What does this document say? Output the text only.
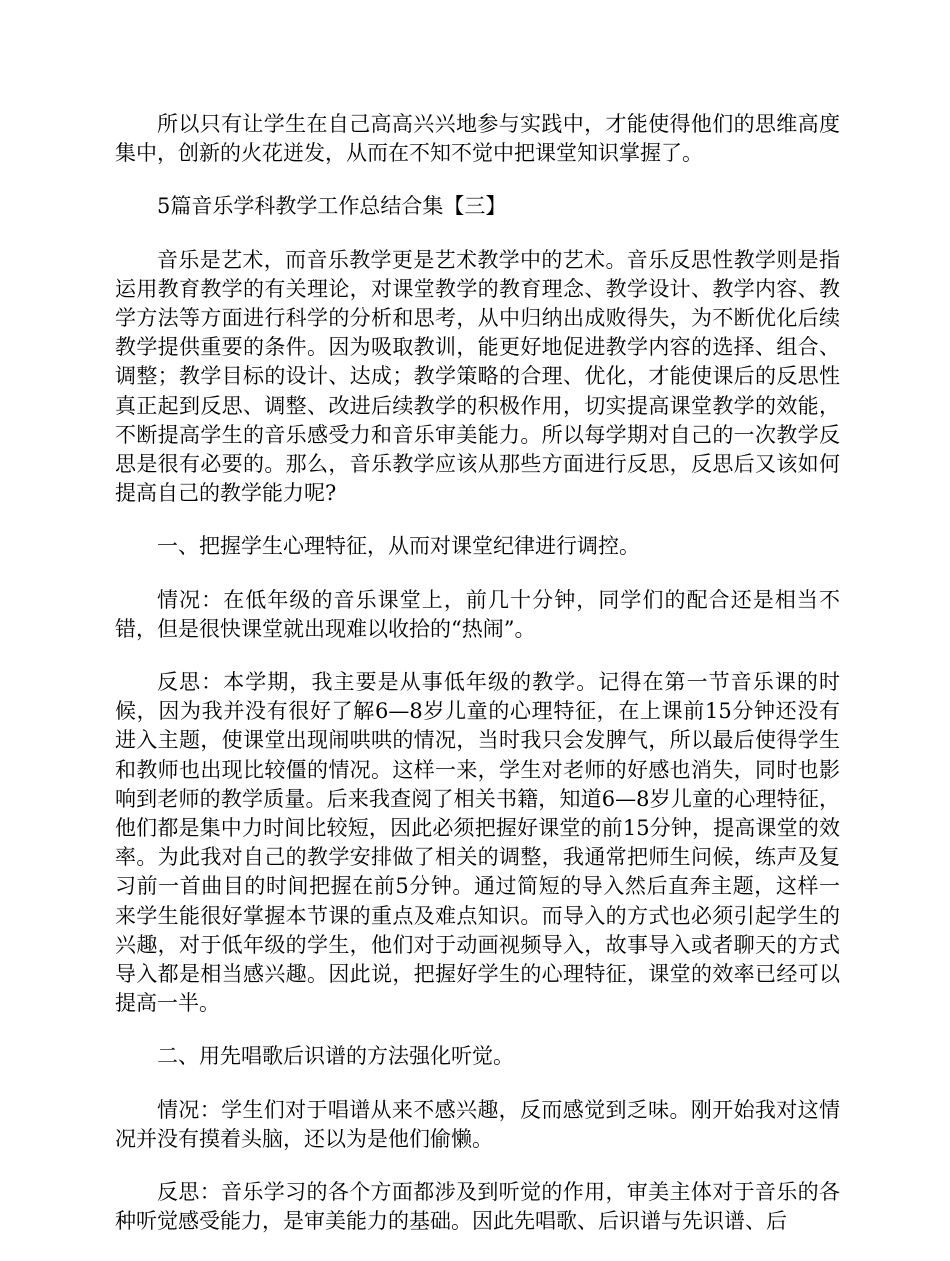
所以只有让学生在自己高高兴兴地参与实践中，才能使得他们的思维高度集中，创新的火花迸发，从而在不知不觉中把课堂知识掌握了。

5篇音乐学科教学工作总结合集【三】

音乐是艺术，而音乐教学更是艺术教学中的艺术。音乐反思性教学则是指运用教育教学的有关理论，对课堂教学的教育理念、教学设计、教学内容、教学方法等方面进行科学的分析和思考，从中归纳出成败得失，为不断优化后续教学提供重要的条件。因为吸取教训，能更好地促进教学内容的选择、组合、调整；教学目标的设计、达成；教学策略的合理、优化，才能使课后的反思性真正起到反思、调整、改进后续教学的积极作用，切实提高课堂教学的效能，不断提高学生的音乐感受力和音乐审美能力。所以每学期对自己的一次教学反思是很有必要的。那么，音乐教学应该从那些方面进行反思，反思后又该如何提高自己的教学能力呢?

一、把握学生心理特征，从而对课堂纪律进行调控。

情况：在低年级的音乐课堂上，前几十分钟，同学们的配合还是相当不错，但是很快课堂就出现难以收拾的“热闹”。

反思：本学期，我主要是从事低年级的教学。记得在第一节音乐课的时候，因为我并没有很好了解6—8岁儿童的心理特征，在上课前15分钟还没有进入主题，使课堂出现闹哄哄的情况，当时我只会发脾气，所以最后使得学生和教师也出现比较僵的情况。这样一来，学生对老师的好感也消失，同时也影响到老师的教学质量。后来我查阅了相关书籍，知道6—8岁儿童的心理特征，他们都是集中力时间比较短，因此必须把握好课堂的前15分钟，提高课堂的效率。为此我对自己的教学安排做了相关的调整，我通常把师生问候，练声及复习前一首曲目的时间把握在前5分钟。通过简短的导入然后直奔主题，这样一来学生能很好掌握本节课的重点及难点知识。而导入的方式也必须引起学生的兴趣，对于低年级的学生，他们对于动画视频导入，故事导入或者聊天的方式导入都是相当感兴趣。因此说，把握好学生的心理特征，课堂的效率已经可以提高一半。

二、用先唱歌后识谱的方法强化听觉。

情况：学生们对于唱谱从来不感兴趣，反而感觉到乏味。刚开始我对这情况并没有摸着头脑，还以为是他们偷懒。

反思：音乐学习的各个方面都涉及到听觉的作用，审美主体对于音乐的各种听觉感受能力，是审美能力的基础。因此先唱歌、后识谱与先识谱、后
